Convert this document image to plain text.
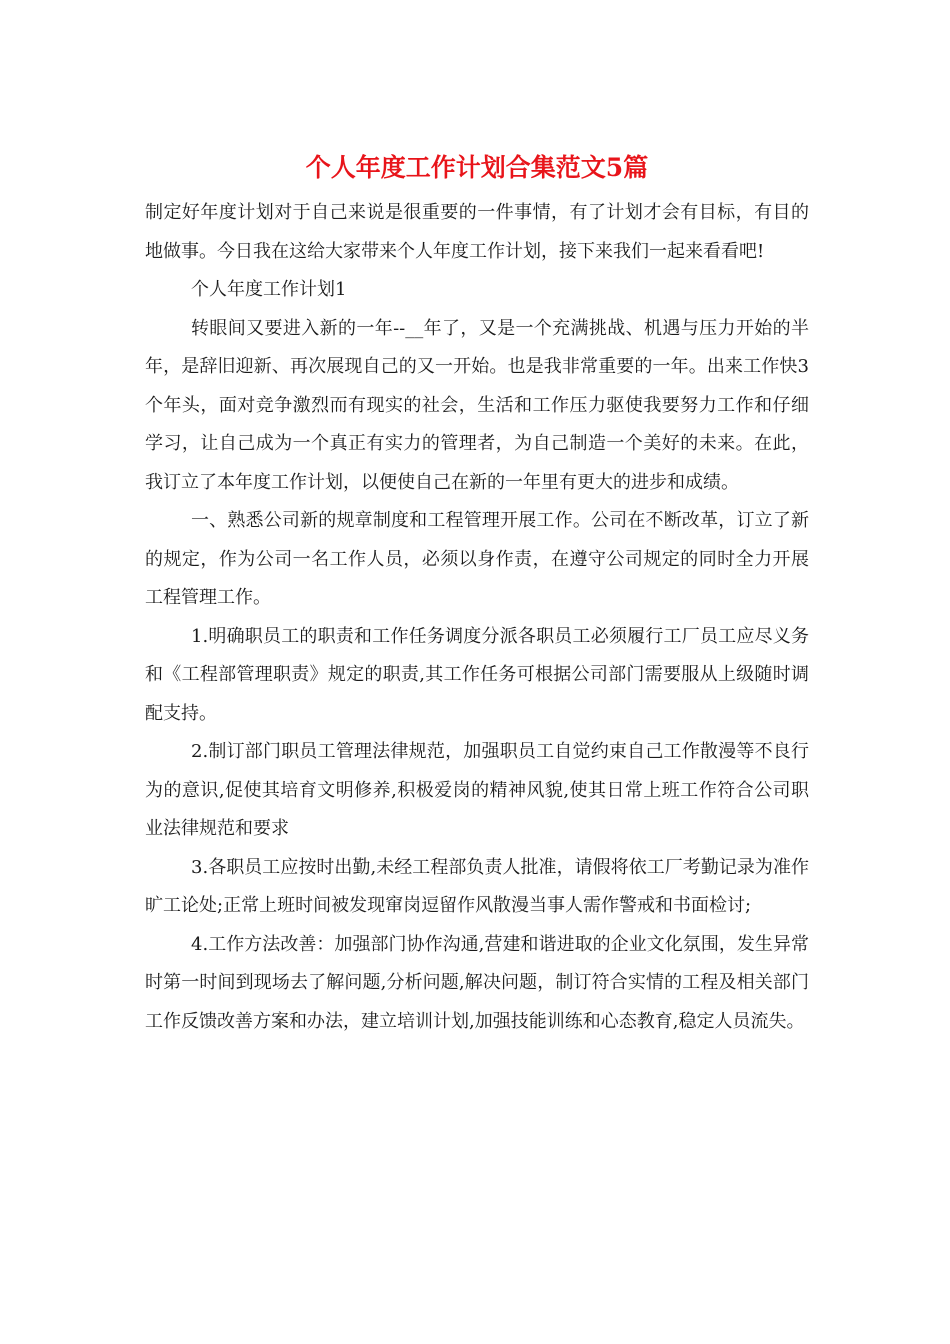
个人年度工作计划合集范文5篇

制定好年度计划对于自己来说是很重要的一件事情，有了计划才会有目标，有目的地做事。今日我在这给大家带来个人年度工作计划，接下来我们一起来看看吧!

个人年度工作计划1

转眼间又要进入新的一年--__年了，又是一个充满挑战、机遇与压力开始的半年，是辞旧迎新、再次展现自己的又一开始。也是我非常重要的一年。出来工作快3个年头，面对竞争激烈而有现实的社会，生活和工作压力驱使我要努力工作和仔细学习，让自己成为一个真正有实力的管理者，为自己制造一个美好的未来。在此，我订立了本年度工作计划，以便使自己在新的一年里有更大的进步和成绩。

一、熟悉公司新的规章制度和工程管理开展工作。公司在不断改革，订立了新的规定，作为公司一名工作人员，必须以身作责，在遵守公司规定的同时全力开展工程管理工作。

1.明确职员工的职责和工作任务调度分派各职员工必须履行工厂员工应尽义务和《工程部管理职责》规定的职责,其工作任务可根据公司部门需要服从上级随时调配支持。

2.制订部门职员工管理法律规范，加强职员工自觉约束自己工作散漫等不良行为的意识,促使其培育文明修养,积极爱岗的精神风貌,使其日常上班工作符合公司职业法律规范和要求

3.各职员工应按时出勤,未经工程部负责人批准，请假将依工厂考勤记录为准作旷工论处;正常上班时间被发现窜岗逗留作风散漫当事人需作警戒和书面检讨;

4.工作方法改善：加强部门协作沟通,营建和谐进取的企业文化氛围，发生异常时第一时间到现场去了解问题,分析问题,解决问题，制订符合实情的工程及相关部门工作反馈改善方案和办法，建立培训计划,加强技能训练和心态教育,稳定人员流失。
